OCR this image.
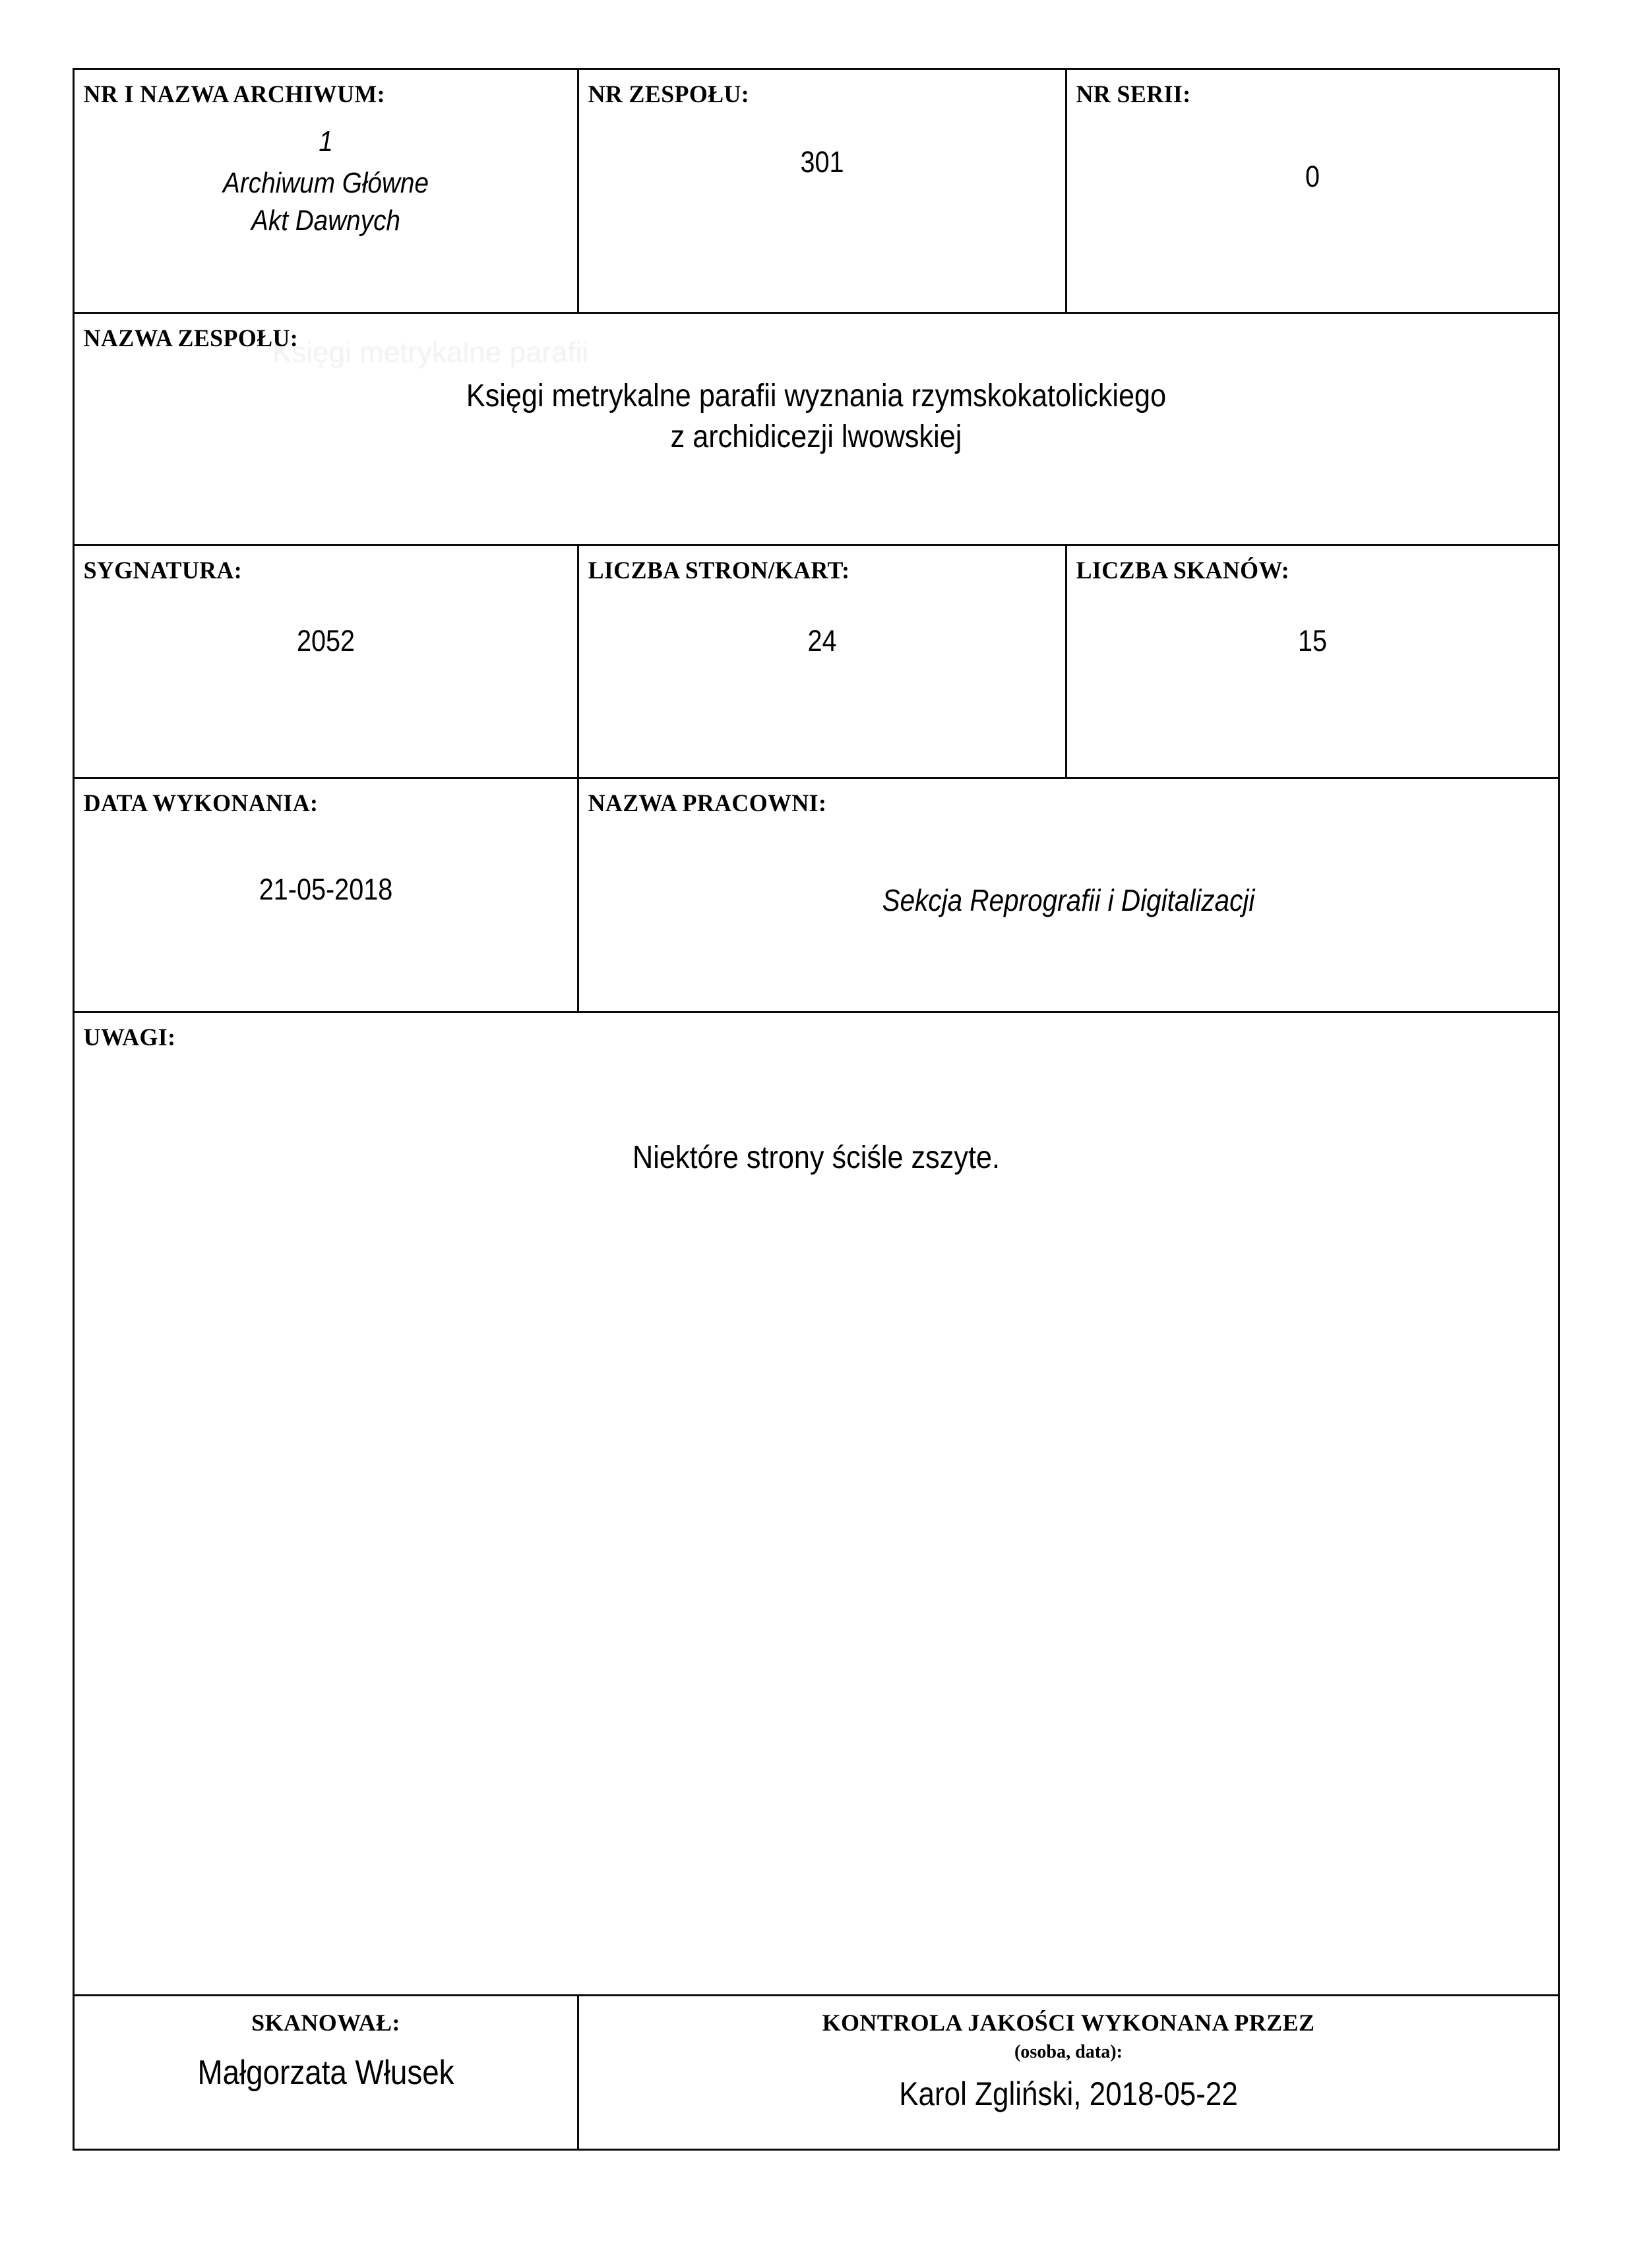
NR I NAZWA ARCHIWUM:
1
Archiwum Główne
Akt Dawnych

NR ZESPOŁU:
301

NR SERII:
0

NAZWA ZESPOŁU:
Księgi metrykalne parafii
Księgi metrykalne parafii wyznania rzymskokatolickiego
z archidicezji lwowskiej		

SYGNATURA:
2052

LICZBA STRON/KART:
24

LICZBA SKANÓW:
15

DATA WYKONANIA:
21-05-2018

NAZWA PRACOWNI:
Sekcja Reprografii i Digitalizacji

UWAGI:
Niektóre strony ściśle zszyte.		

SKANOWAŁ:
Małgorzata Włusek

KONTROLA JAKOŚCI WYKONANA PRZEZ
(osoba, data):
Karol Zgliński, 2018-05-22
